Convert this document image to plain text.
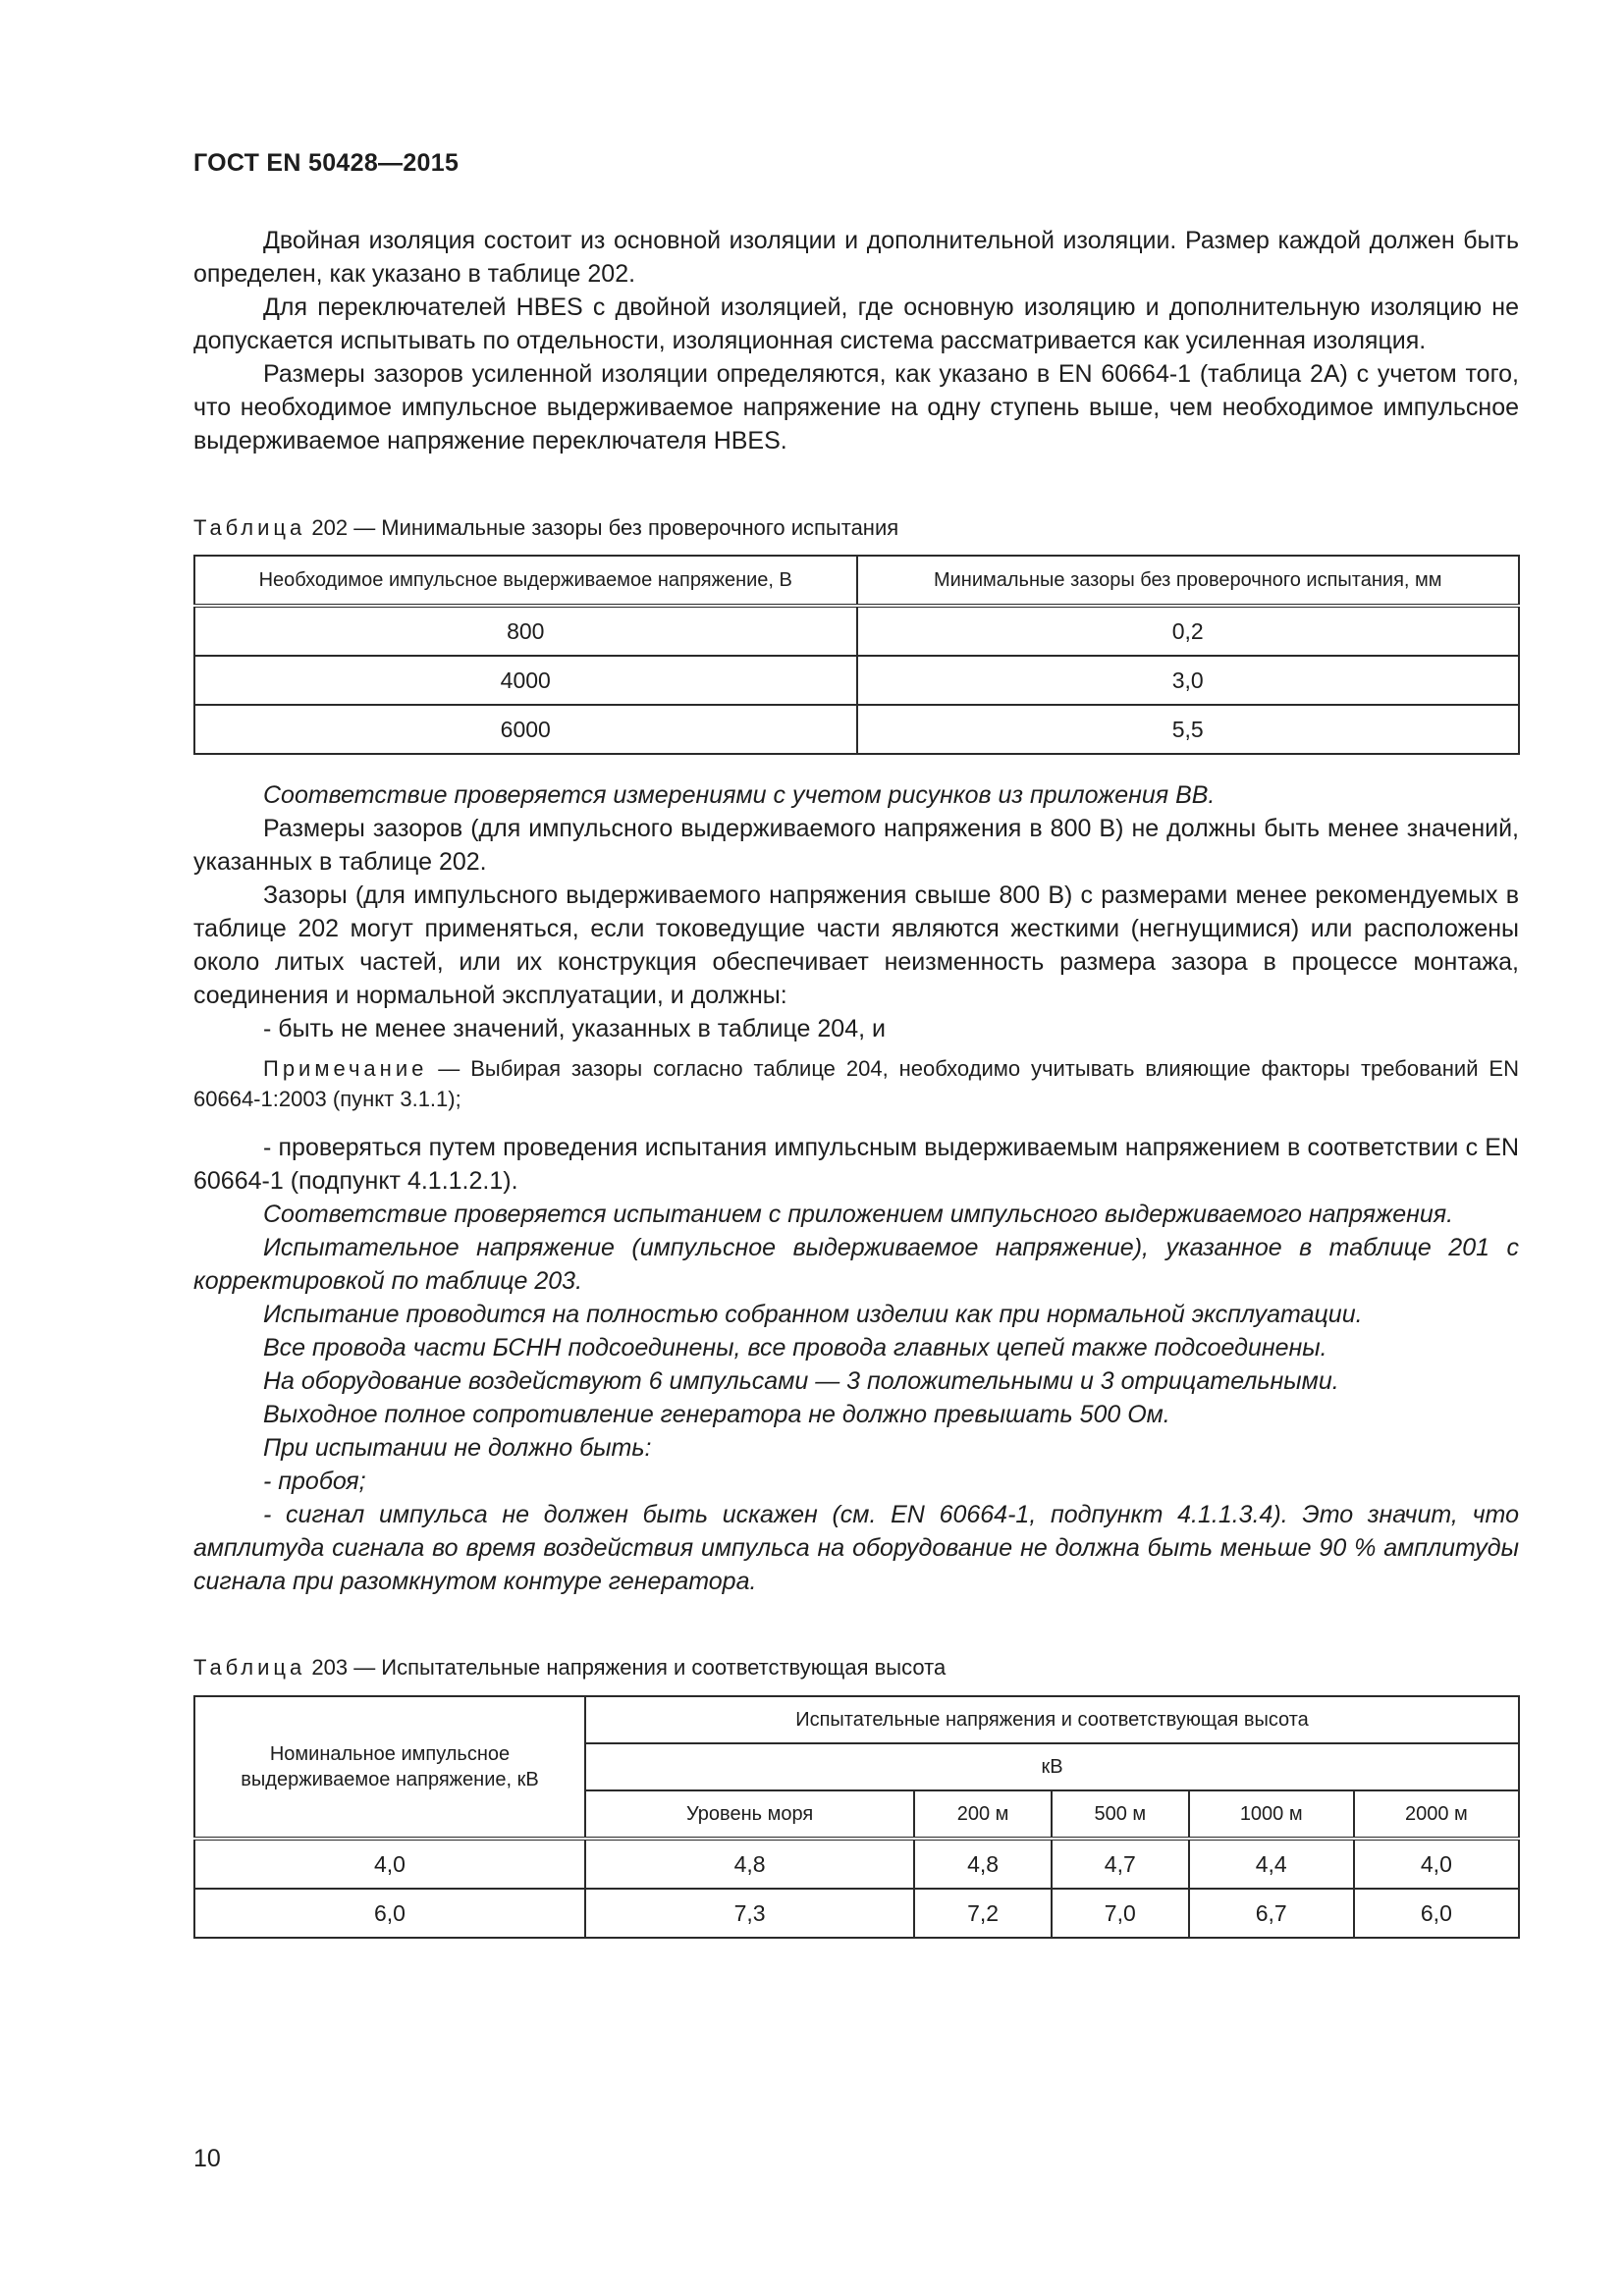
ГОСТ EN 50428—2015

Двойная изоляция состоит из основной изоляции и дополнительной изоляции. Размер каждой должен быть определен, как указано в таблице 202.

Для переключателей HBES с двойной изоляцией, где основную изоляцию и дополнительную изоляцию не допускается испытывать по отдельности, изоляционная система рассматривается как усиленная изоляция.

Размеры зазоров усиленной изоляции определяются, как указано в EN 60664-1 (таблица 2А) с учетом того, что необходимое импульсное выдерживаемое напряжение на одну ступень выше, чем необходимое импульсное выдерживаемое напряжение переключателя HBES.

Таблица 202 — Минимальные зазоры без проверочного испытания
Необходимое импульсное выдерживаемое напряжение, В	Минимальные зазоры без проверочного испытания, мм
800	0,2
4000	3,0
6000	5,5

Соответствие проверяется измерениями с учетом рисунков из приложения ВВ.

Размеры зазоров (для импульсного выдерживаемого напряжения в 800 В) не должны быть менее значений, указанных в таблице 202.

Зазоры (для импульсного выдерживаемого напряжения свыше 800 В) с размерами менее рекомендуемых в таблице 202 могут применяться, если токоведущие части являются жесткими (негнущимися) или расположены около литых частей, или их конструкция обеспечивает неизменность размера зазора в процессе монтажа, соединения и нормальной эксплуатации, и должны:

- быть не менее значений, указанных в таблице 204, и

Примечание — Выбирая зазоры согласно таблице 204, необходимо учитывать влияющие факторы требований EN 60664-1:2003 (пункт 3.1.1);

- проверяться путем проведения испытания импульсным выдерживаемым напряжением в соответствии с EN 60664-1 (подпункт 4.1.1.2.1).

Соответствие проверяется испытанием с приложением импульсного выдерживаемого напряжения.

Испытательное напряжение (импульсное выдерживаемое напряжение), указанное в таблице 201 с корректировкой по таблице 203.

Испытание проводится на полностью собранном изделии как при нормальной эксплуатации.

Все провода части БСНН подсоединены, все провода главных цепей также подсоединены.

На оборудование воздействуют 6 импульсами — 3 положительными и 3 отрицательными.

Выходное полное сопротивление генератора не должно превышать 500 Ом.

При испытании не должно быть:

- пробоя;

- сигнал импульса не должен быть искажен (см. EN 60664-1, подпункт 4.1.1.3.4). Это значит, что амплитуда сигнала во время воздействия импульса на оборудование не должна быть меньше 90 % амплитуды сигнала при разомкнутом контуре генератора.

Таблица 203 — Испытательные напряжения и соответствующая высота
Номинальное импульсное выдерживаемое напряжение, кВ	Испытательные напряжения и соответствующая высота				
	кВ				
	Уровень моря	200 м	500 м	1000 м	2000 м
4,0	4,8	4,8	4,7	4,4	4,0
6,0	7,3	7,2	7,0	6,7	6,0
10
